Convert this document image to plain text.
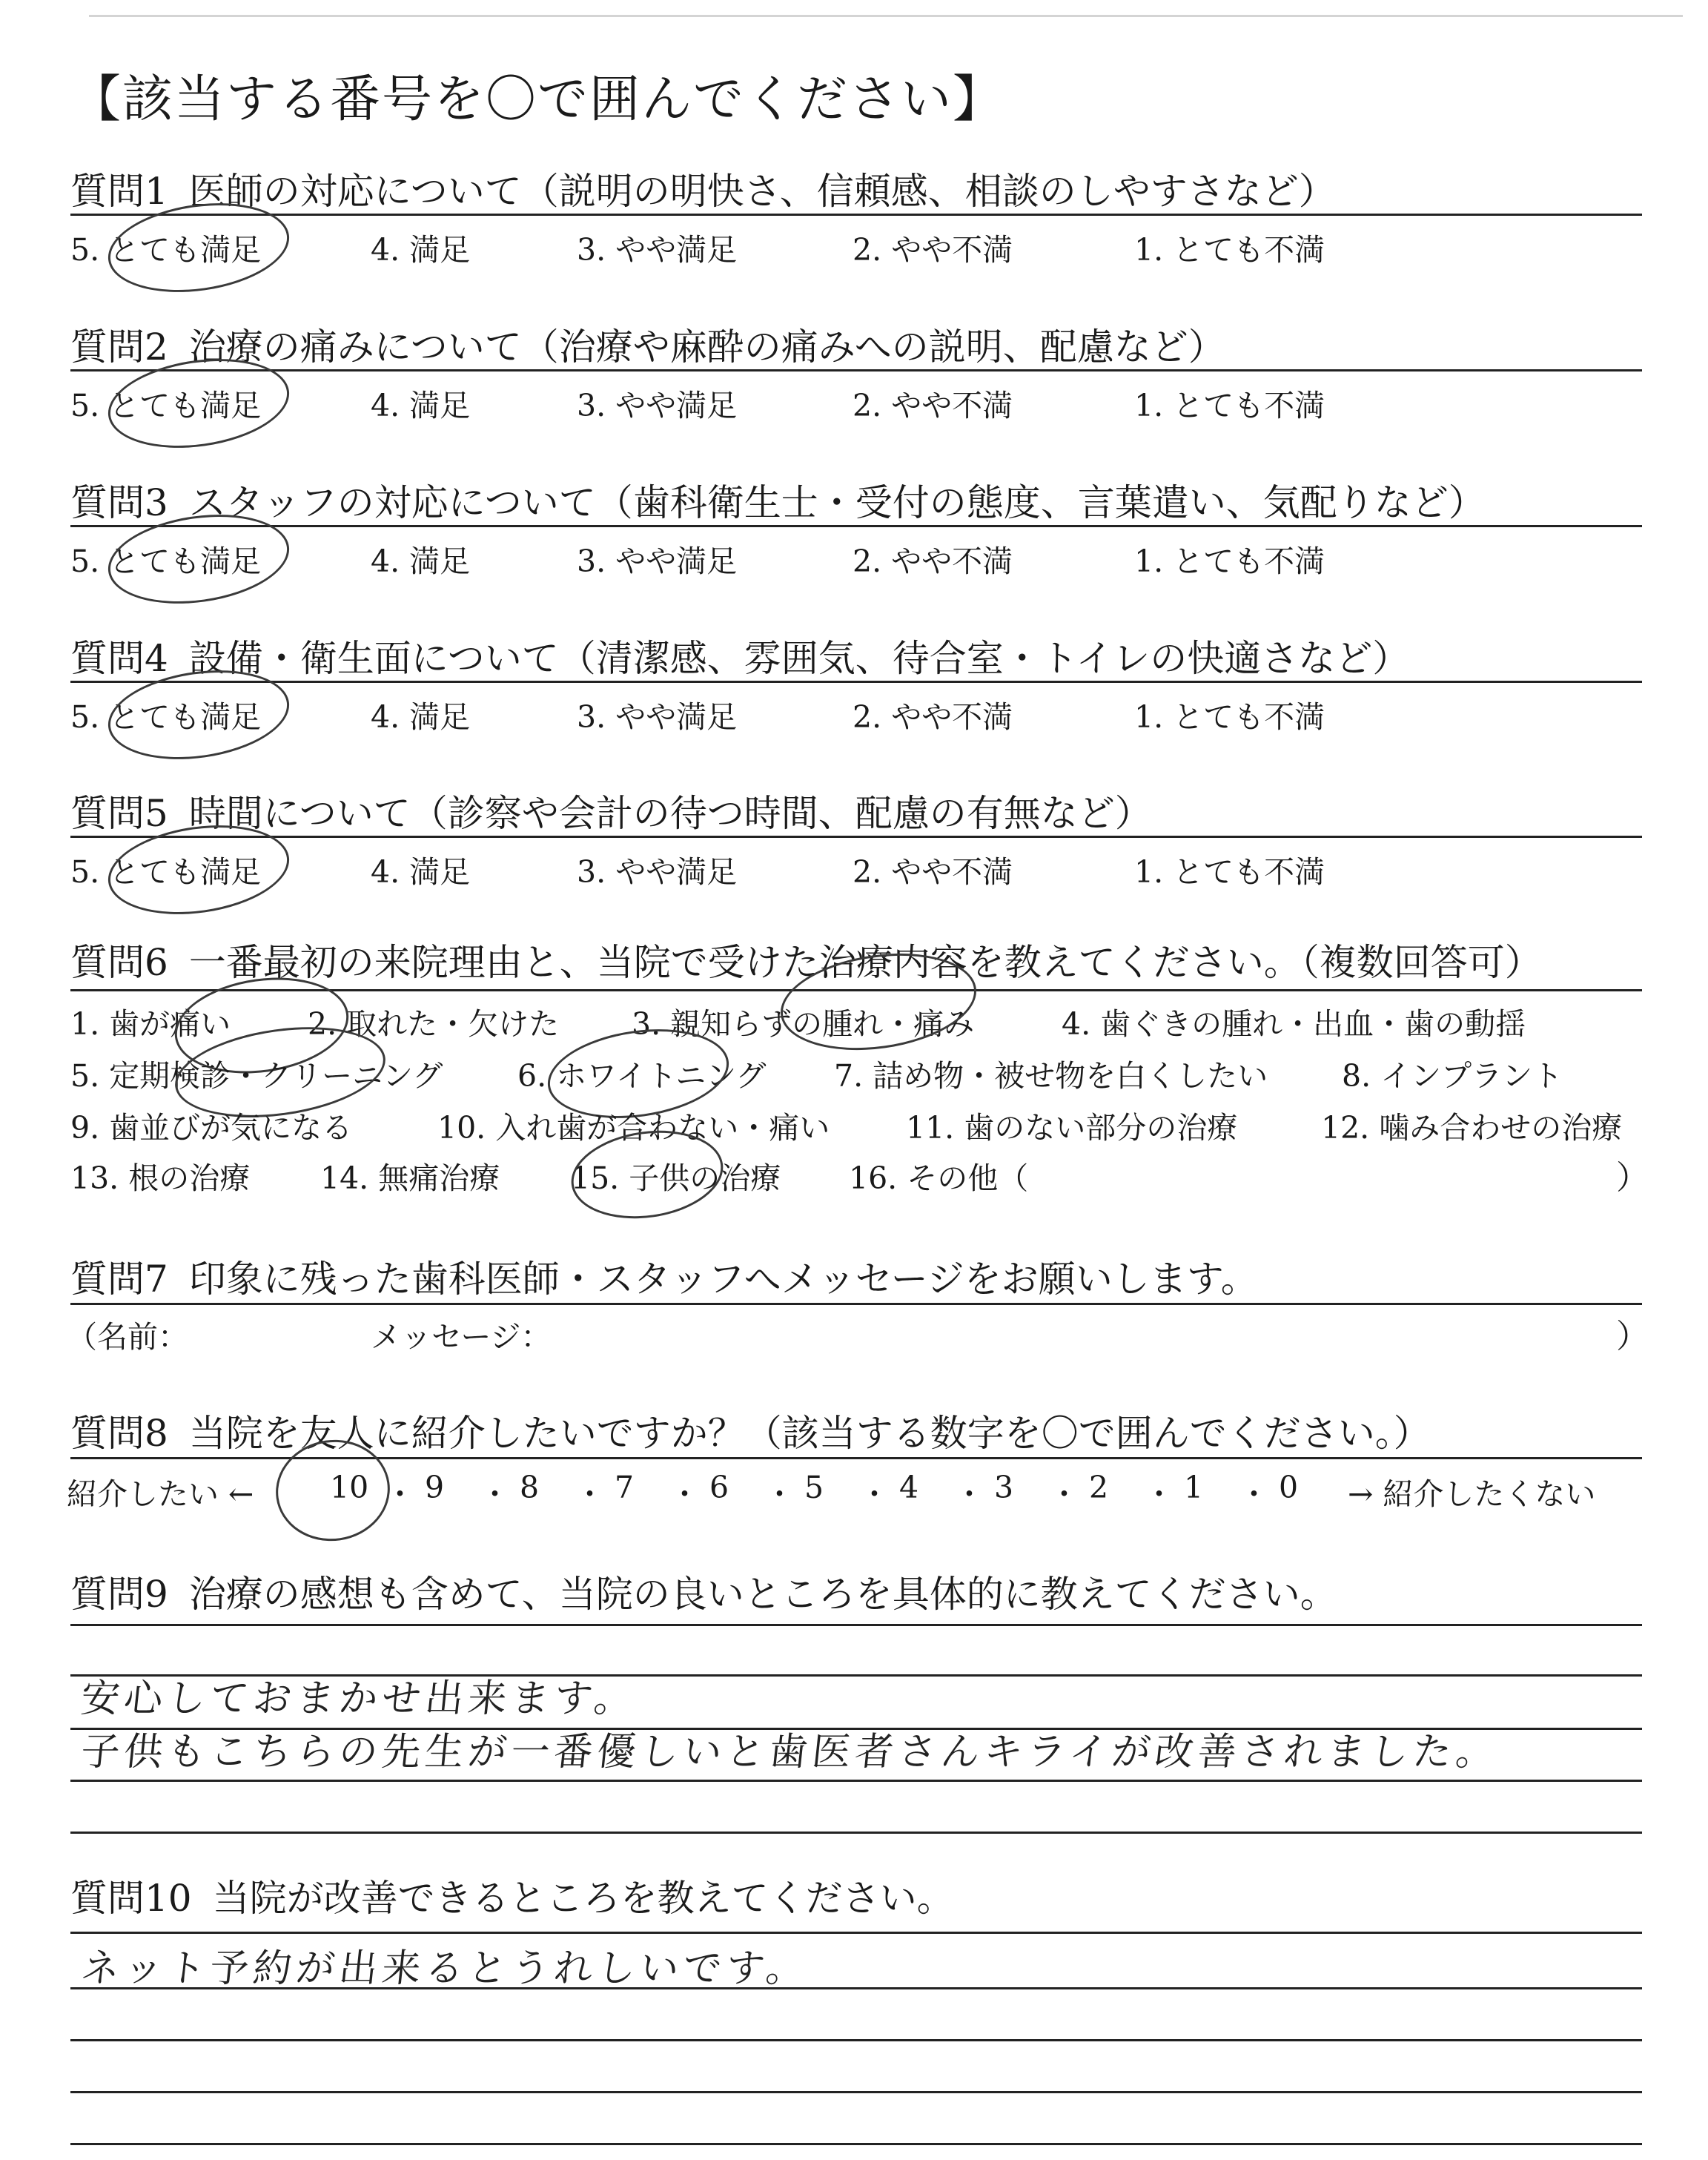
【該当する番号を〇で囲んでください】
質問1 医師の対応について（説明の明快さ、信頼感、相談のしやすさなど）
5. とても満足	4. 満足	3. やや満足	2. やや不満	1. とても不満
質問2 治療の痛みについて（治療や麻酔の痛みへの説明、配慮など）
5. とても満足	4. 満足	3. やや満足	2. やや不満	1. とても不満
質問3 スタッフの対応について（歯科衛生士・受付の態度、言葉遣い、気配りなど）
5. とても満足	4. 満足	3. やや満足	2. やや不満	1. とても不満
質問4 設備・衛生面について（清潔感、雰囲気、待合室・トイレの快適さなど）
5. とても満足	4. 満足	3. やや満足	2. やや不満	1. とても不満
質問5 時間について（診察や会計の待つ時間、配慮の有無など）
5. とても満足	4. 満足	3. やや満足	2. やや不満	1. とても不満
質問6 一番最初の来院理由と、当院で受けた治療内容を教えてください。（複数回答可）
1. 歯が痛い	2. 取れた・欠けた 3. 親知らずの腫れ・痛み	4. 歯ぐきの腫れ・出血・歯の動揺
5. 定期検診・クリーニング 6. ホワイトニング 7. 詰め物・被せ物を白くしたい 8. インプラント
9. 歯並びが気になる	10. 入れ歯が合わない・痛い	11. 歯のない部分の治療	12. 噛み合わせの治療
13. 根の治療 14. 無痛治療 15. 子供の治療 16. その他（	）
質問7 印象に残った歯科医師・スタッフへメッセージをお願いします。
（名前：	メッセージ：	）
質問8 当院を友人に紹介したいですか？（該当する数字を〇で囲んでください。）
紹介したい ←	10 ・ 9 ・ 8 ・ 7 ・ 6 ・ 5 ・ 4 ・ 3 ・ 2 ・ 1 ・ 0 → 紹介したくない
質問9 治療の感想も含めて、当院の良いところを具体的に教えてください。
安心しておまかせ出来ます。
子供もこちらの先生が一番優しいと歯医者さんキライが改善されました。
質問10 当院が改善できるところを教えてください。
ネット予約が出来るとうれしいです。
